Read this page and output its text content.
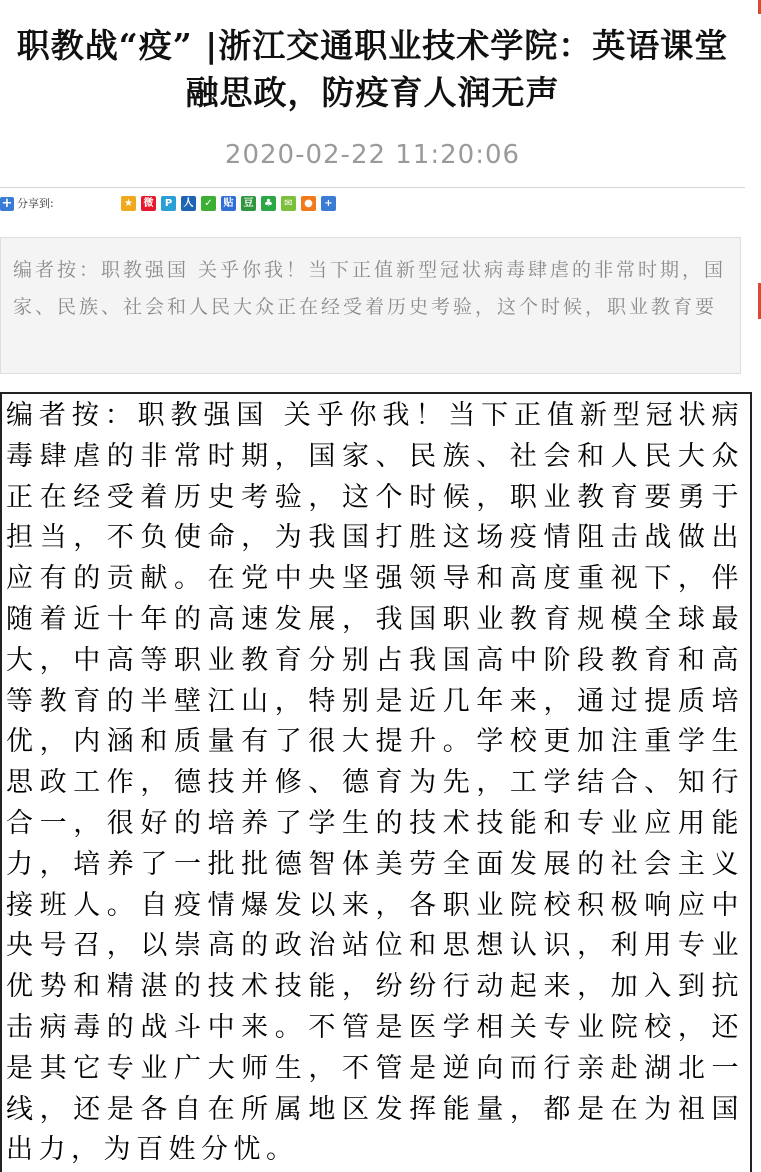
职教战“疫” |浙江交通职业技术学院：英语课堂融思政，防疫育人润无声
2020-02-22 11:20:06
+ 分享到:	★	微	P	人	✓	贴 豆	♣	✉	●	+
编者按：职教强国 关乎你我！当下正值新型冠状病毒肆虐的非常时期，国家、民族、社会和人民大众正在经受着历史考验，这个时候，职业教育要
编者按：职教强国 关乎你我！当下正值新型冠状病毒肆虐的非常时期，国家、民族、社会和人民大众正在经受着历史考验，这个时候，职业教育要勇于担当，不负使命，为我国打胜这场疫情阻击战做出应有的贡献。在党中央坚强领导和高度重视下，伴随着近十年的高速发展，我国职业教育规模全球最大，中高等职业教育分别占我国高中阶段教育和高等教育的半壁江山，特别是近几年来，通过提质培优，内涵和质量有了很大提升。学校更加注重学生思政工作，德技并修、德育为先，工学结合、知行合一，很好的培养了学生的技术技能和专业应用能力，培养了一批批德智体美劳全面发展的社会主义接班人。自疫情爆发以来，各职业院校积极响应中央号召，以崇高的政治站位和思想认识，利用专业优势和精湛的技术技能，纷纷行动起来，加入到抗击病毒的战斗中来。不管是医学相关专业院校，还是其它专业广大师生，不管是逆向而行亲赴湖北一线，还是各自在所属地区发挥能量，都是在为祖国出力，为百姓分忧。
